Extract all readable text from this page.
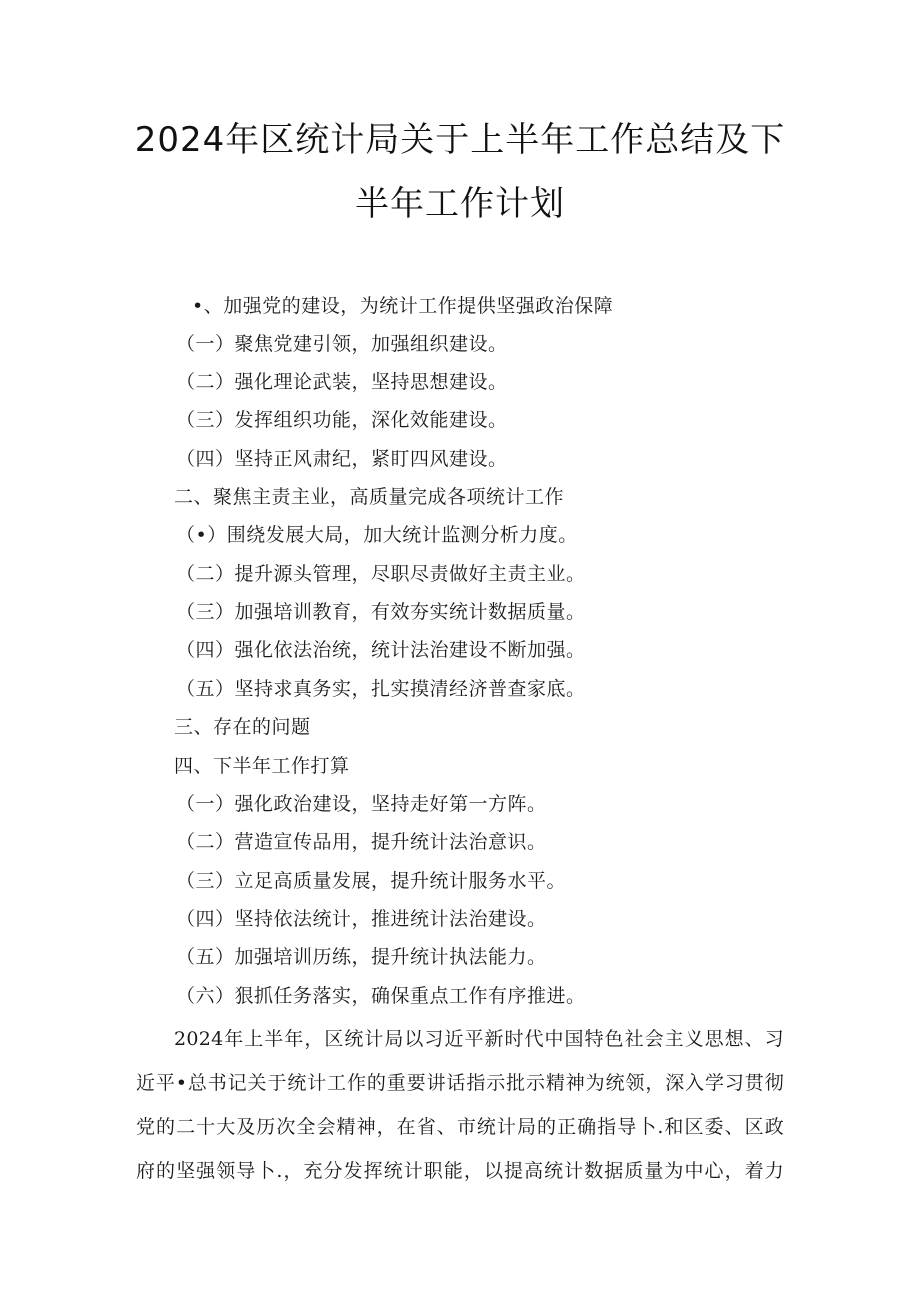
2024年区统计局关于上半年工作总结及下
半年工作计划
•、加强党的建设，为统计工作提供坚强政治保障
（一）聚焦党建引领，加强组织建设。
（二）强化理论武装，坚持思想建设。
（三）发挥组织功能，深化效能建设。
（四）坚持正风肃纪，紧盯四风建设。
二、聚焦主责主业，高质量完成各项统计工作
（•）围绕发展大局，加大统计监测分析力度。
（二）提升源头管理，尽职尽责做好主责主业。
（三）加强培训教育，有效夯实统计数据质量。
（四）强化依法治统，统计法治建设不断加强。
（五）坚持求真务实，扎实摸清经济普查家底。
三、存在的问题
四、下半年工作打算
（一）强化政治建设，坚持走好第一方阵。
（二）营造宣传品用，提升统计法治意识。
（三）立足高质量发展，提升统计服务水平。
（四）坚持依法统计，推进统计法治建设。
（五）加强培训历练，提升统计执法能力。
（六）狠抓任务落实，确保重点工作有序推进。
2024年上半年，区统计局以习近平新时代中国特色社会主义思想、习
近平•总书记关于统计工作的重要讲话指示批示精神为统领，深入学习贯彻
党的二十大及历次全会精神，在省、市统计局的正确指导卜.和区委、区政
府的坚强领导卜.，充分发挥统计职能，以提高统计数据质量为中心，着力
